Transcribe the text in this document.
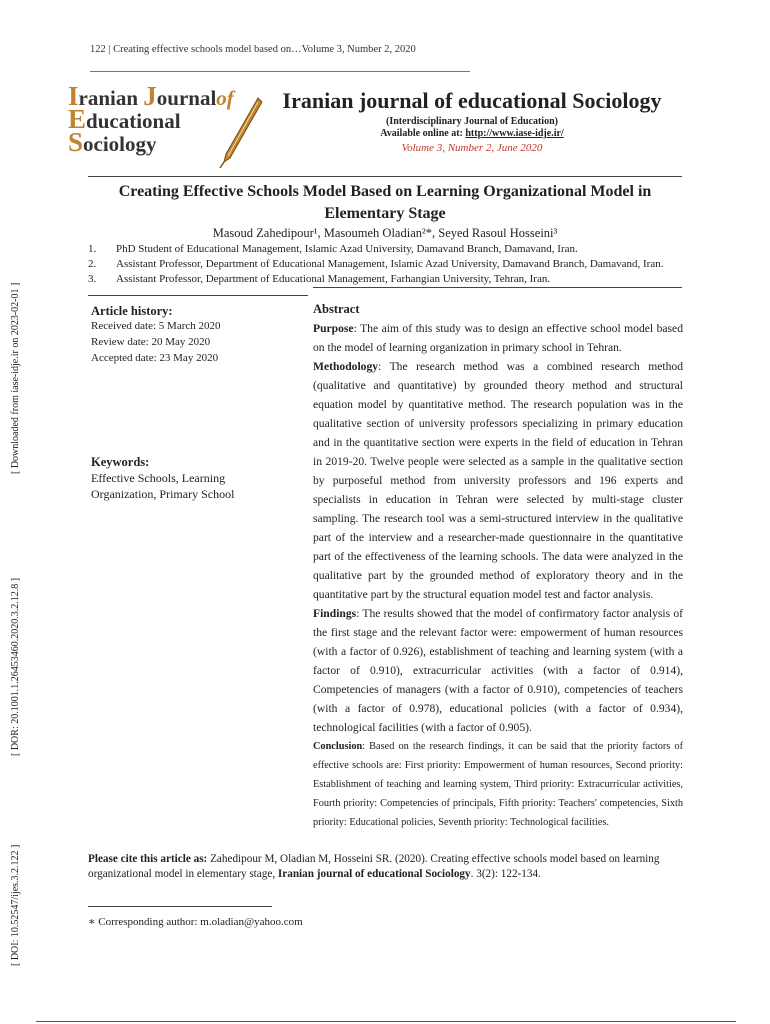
122 | Creating effective schools model based on…Volume 3, Number 2, 2020
Iranian Journalof
Educational
Sociology
Iranian journal of educational Sociology
(Interdisciplinary Journal of Education)
Available online at: http://www.iase-idje.ir/
Volume 3, Number 2, June 2020
Creating Effective Schools Model Based on Learning Organizational Model in
Elementary Stage
Masoud Zahedipour¹, Masoumeh Oladian²*, Seyed Rasoul Hosseini³
1. PhD Student of Educational Management, Islamic Azad University, Damavand Branch, Damavand, Iran.
2. Assistant Professor, Department of Educational Management, Islamic Azad University, Damavand Branch, Damavand, Iran.
3. Assistant Professor, Department of Educational Management, Farhangian University, Tehran, Iran.
Article history:
Received date: 5 March 2020
Review date: 20 May 2020
Accepted date: 23 May 2020
Keywords:
Effective Schools, Learning Organization, Primary School
Abstract
Purpose: The aim of this study was to design an effective school model based on the model of learning organization in primary school in Tehran.
Methodology: The research method was a combined research method (qualitative and quantitative) by grounded theory method and structural equation model by quantitative method. The research population was in the qualitative section of university professors specializing in primary education and in the quantitative section were experts in the field of education in Tehran in 2019-20. Twelve people were selected as a sample in the qualitative section by purposeful method from university professors and 196 experts and specialists in education in Tehran were selected by multi-stage cluster sampling. The research tool was a semi-structured interview in the qualitative part of the interview and a researcher-made questionnaire in the quantitative part of the effectiveness of the learning schools. The data were analyzed in the qualitative part by the grounded method of exploratory theory and in the quantitative part by the structural equation model test and factor analysis.
Findings: The results showed that the model of confirmatory factor analysis of the first stage and the relevant factor were: empowerment of human resources (with a factor of 0.926), establishment of teaching and learning system (with a factor of 0.910), extracurricular activities (with a factor of 0.914), Competencies of managers (with a factor of 0.910), competencies of teachers (with a factor of 0.978), educational policies (with a factor of 0.934), technological facilities (with a factor of 0.905).
Conclusion: Based on the research findings, it can be said that the priority factors of effective schools are: First priority: Empowerment of human resources, Second priority: Establishment of teaching and learning system, Third priority: Extracurricular activities, Fourth priority: Competencies of principals, Fifth priority: Teachers' competencies, Sixth priority: Educational policies, Seventh priority: Technological facilities.
Please cite this article as: Zahedipour M, Oladian M, Hosseini SR. (2020). Creating effective schools model based on learning organizational model in elementary stage, Iranian journal of educational Sociology. 3(2): 122-134.
∗ Corresponding author: m.oladian@yahoo.com
[ Downloaded from iase-idje.ir on 2023-02-01 ]
[ DOR: 20.1001.1.26453460.2020.3.2.12.8 ]
[ DOI: 10.52547/ijes.3.2.122 ]
